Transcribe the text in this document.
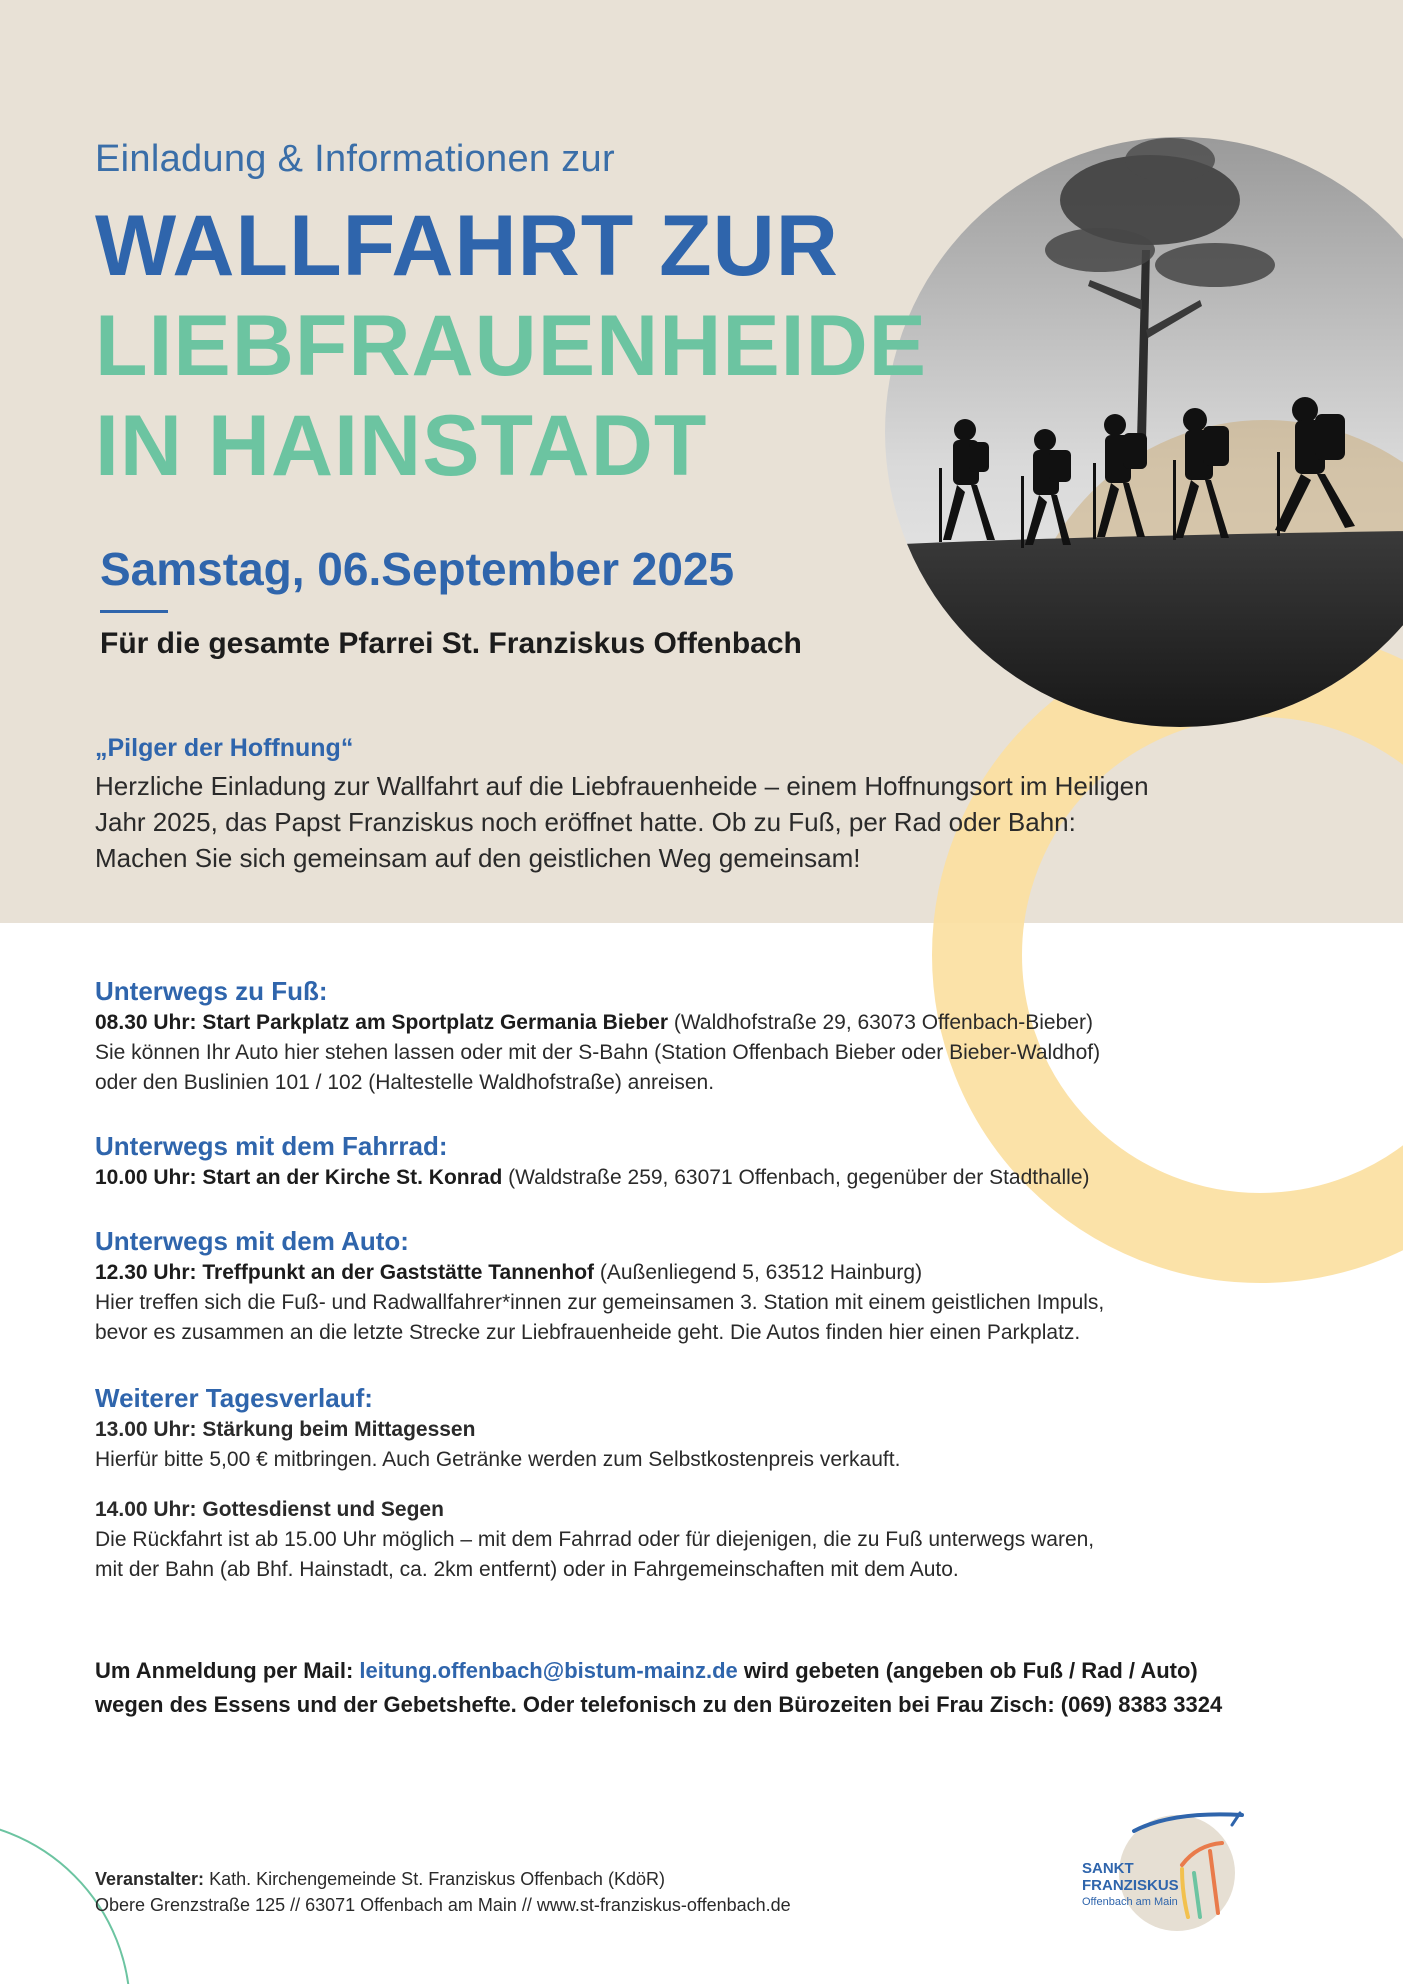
Einladung & Informationen zur
WALLFAHRT ZUR
LIEBFRAUENHEIDE
IN HAINSTADT
Samstag, 06.September 2025
Für die gesamte Pfarrei St. Franziskus Offenbach
„Pilger der Hoffnung“
Herzliche Einladung zur Wallfahrt auf die Liebfrauenheide – einem Hoffnungsort im Heiligen
Jahr 2025, das Papst Franziskus noch eröffnet hatte. Ob zu Fuß, per Rad oder Bahn:
Machen Sie sich gemeinsam auf den geistlichen Weg gemeinsam!
Unterwegs zu Fuß:
08.30 Uhr: Start Parkplatz am Sportplatz Germania Bieber (Waldhofstraße 29, 63073 Offenbach-Bieber)
Sie können Ihr Auto hier stehen lassen oder mit der S-Bahn (Station Offenbach Bieber oder Bieber-Waldhof)
oder den Buslinien 101 / 102 (Haltestelle Waldhofstraße) anreisen.
Unterwegs mit dem Fahrrad:
10.00 Uhr: Start an der Kirche St. Konrad (Waldstraße 259, 63071 Offenbach, gegenüber der Stadthalle)
Unterwegs mit dem Auto:
12.30 Uhr: Treffpunkt an der Gaststätte Tannenhof (Außenliegend 5, 63512 Hainburg)
Hier treffen sich die Fuß- und Radwallfahrer*innen zur gemeinsamen 3. Station mit einem geistlichen Impuls,
bevor es zusammen an die letzte Strecke zur Liebfrauenheide geht. Die Autos finden hier einen Parkplatz.
Weiterer Tagesverlauf:
13.00 Uhr: Stärkung beim Mittagessen
Hierfür bitte 5,00 € mitbringen. Auch Getränke werden zum Selbstkostenpreis verkauft.
14.00 Uhr: Gottesdienst und Segen
Die Rückfahrt ist ab 15.00 Uhr möglich – mit dem Fahrrad oder für diejenigen, die zu Fuß unterwegs waren,
mit der Bahn (ab Bhf. Hainstadt, ca. 2km entfernt) oder in Fahrgemeinschaften mit dem Auto.
Um Anmeldung per Mail: leitung.offenbach@bistum-mainz.de wird gebeten (angeben ob Fuß / Rad / Auto)
wegen des Essens und der Gebetshefte. Oder telefonisch zu den Bürozeiten bei Frau Zisch: (069) 8383 3324
Veranstalter: Kath. Kirchengemeinde St. Franziskus Offenbach (KdöR)
Obere Grenzstraße 125 // 63071 Offenbach am Main // www.st-franziskus-offenbach.de
SANKT
FRANZISKUS
Offenbach am Main
